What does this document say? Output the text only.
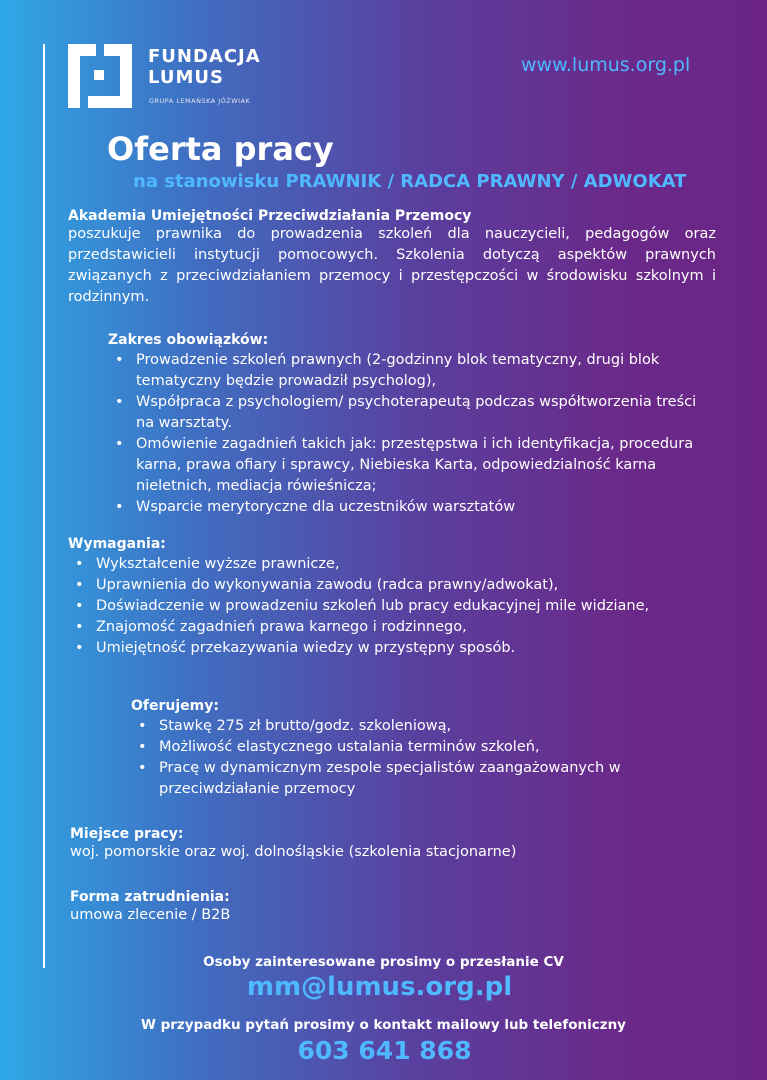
FUNDACJA
LUMUS
GRUPA LEMAŃSKA JÓŹWIAK
www.lumus.org.pl
Oferta pracy
na stanowisku PRAWNIK / RADCA PRAWNY / ADWOKAT
Akademia Umiejętności Przeciwdziałania Przemocy

poszukuje prawnika do prowadzenia szkoleń dla nauczycieli, pedagogów oraz przedstawicieli instytucji pomocowych. Szkolenia dotyczą aspektów prawnych związanych z przeciwdziałaniem przemocy i przestępczości w środowisku szkolnym i rodzinnym.

Zakres obowiązków:
• Prowadzenie szkoleń prawnych (2-godzinny blok tematyczny, drugi blok tematyczny będzie prowadził psycholog),
• Współpraca z psychologiem/ psychoterapeutą podczas współtworzenia treści na warsztaty.
• Omówienie zagadnień takich jak: przestępstwa i ich identyfikacja, procedura karna, prawa ofiary i sprawcy, Niebieska Karta, odpowiedzialność karna nieletnich, mediacja rówieśnicza;
• Wsparcie merytoryczne dla uczestników warsztatów
Wymagania:
• Wykształcenie wyższe prawnicze,
• Uprawnienia do wykonywania zawodu (radca prawny/adwokat),
• Doświadczenie w prowadzeniu szkoleń lub pracy edukacyjnej mile widziane,
• Znajomość zagadnień prawa karnego i rodzinnego,
• Umiejętność przekazywania wiedzy w przystępny sposób.
Oferujemy:
• Stawkę 275 zł brutto/godz. szkoleniową,
• Możliwość elastycznego ustalania terminów szkoleń,
• Pracę w dynamicznym zespole specjalistów zaangażowanych w przeciwdziałanie przemocy
Miejsce pracy:
woj. pomorskie oraz woj. dolnośląskie (szkolenia stacjonarne)
Forma zatrudnienia:
umowa zlecenie / B2B
Osoby zainteresowane prosimy o przesłanie CV
mm@lumus.org.pl
W przypadku pytań prosimy o kontakt mailowy lub telefoniczny
603 641 868
